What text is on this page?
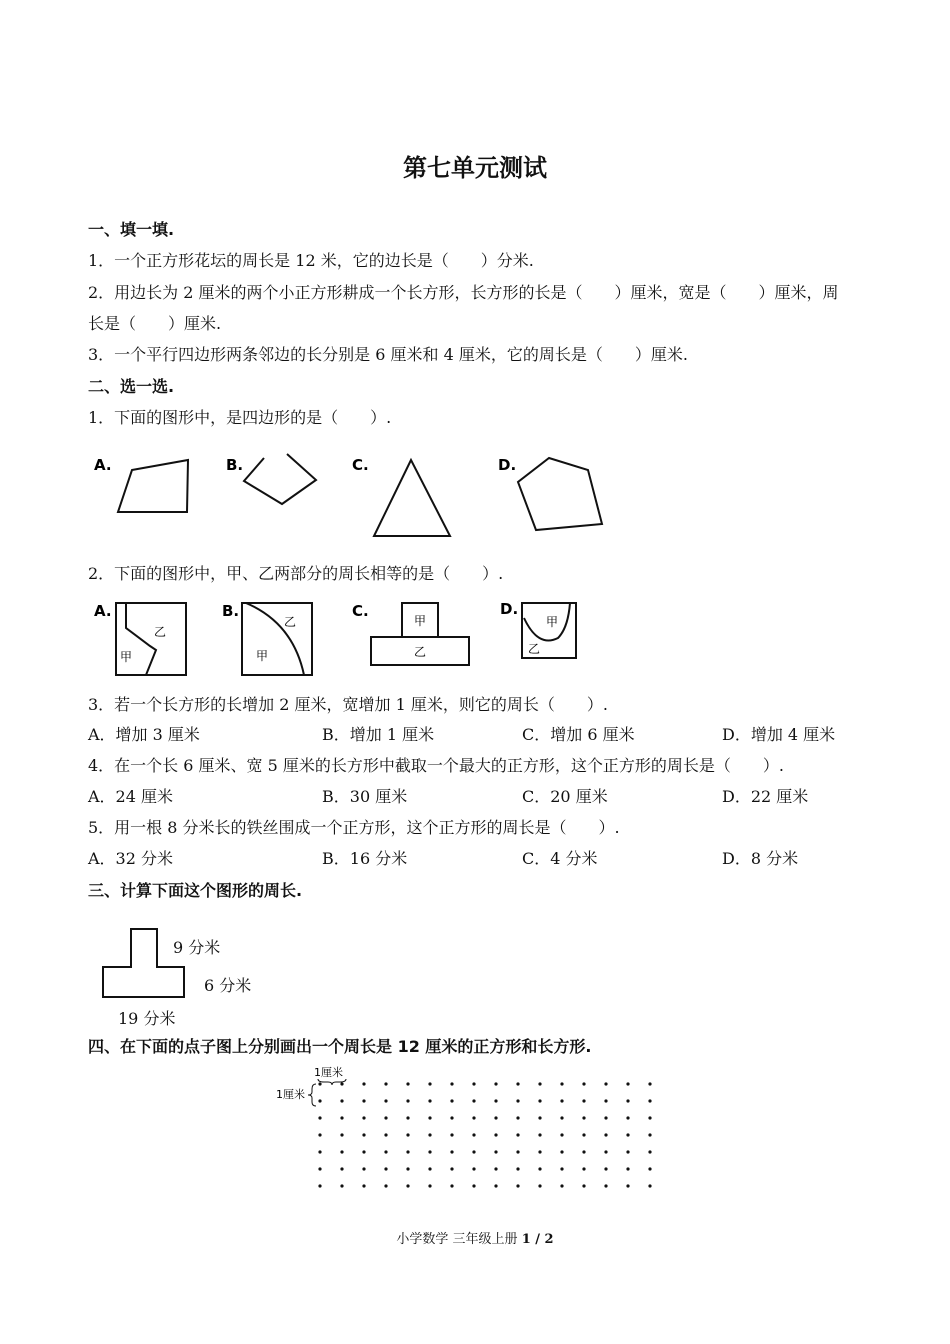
第七单元测试
一、填一填.
1．一个正方形花坛的周长是 12 米，它的边长是（　　）分米.
2．用边长为 2 厘米的两个小正方形耕成一个长方形，长方形的长是（　　）厘米，宽是（　　）厘米，周
长是（　　）厘米.
3．一个平行四边形两条邻边的长分别是 6 厘米和 4 厘米，它的周长是（　　）厘米.
二、选一选.
1．下面的图形中，是四边形的是（　　）.
A.	B.	C.	D.
2．下面的图形中，甲、乙两部分的周长相等的是（　　）.
A.
乙
甲
B.
乙
甲
C.
甲
乙
D.
甲
乙
3．若一个长方形的长增加 2 厘米，宽增加 1 厘米，则它的周长（　　）.
A．增加 3 厘米	B．增加 1 厘米	C．增加 6 厘米	D．增加 4 厘米
4．在一个长 6 厘米、宽 5 厘米的长方形中截取一个最大的正方形，这个正方形的周长是（　　）.
A．24 厘米	B．30 厘米	C．20 厘米	D．22 厘米
5．用一根 8 分米长的铁丝围成一个正方形，这个正方形的周长是（　　）.
A．32 分米	B．16 分米	C．4 分米	D．8 分米
三、计算下面这个图形的周长.
9 分米
6 分米
19 分米
四、在下面的点子图上分别画出一个周长是 12 厘米的正方形和长方形.
1厘米
1厘米
小学数学 三年级上册 1 / 2
